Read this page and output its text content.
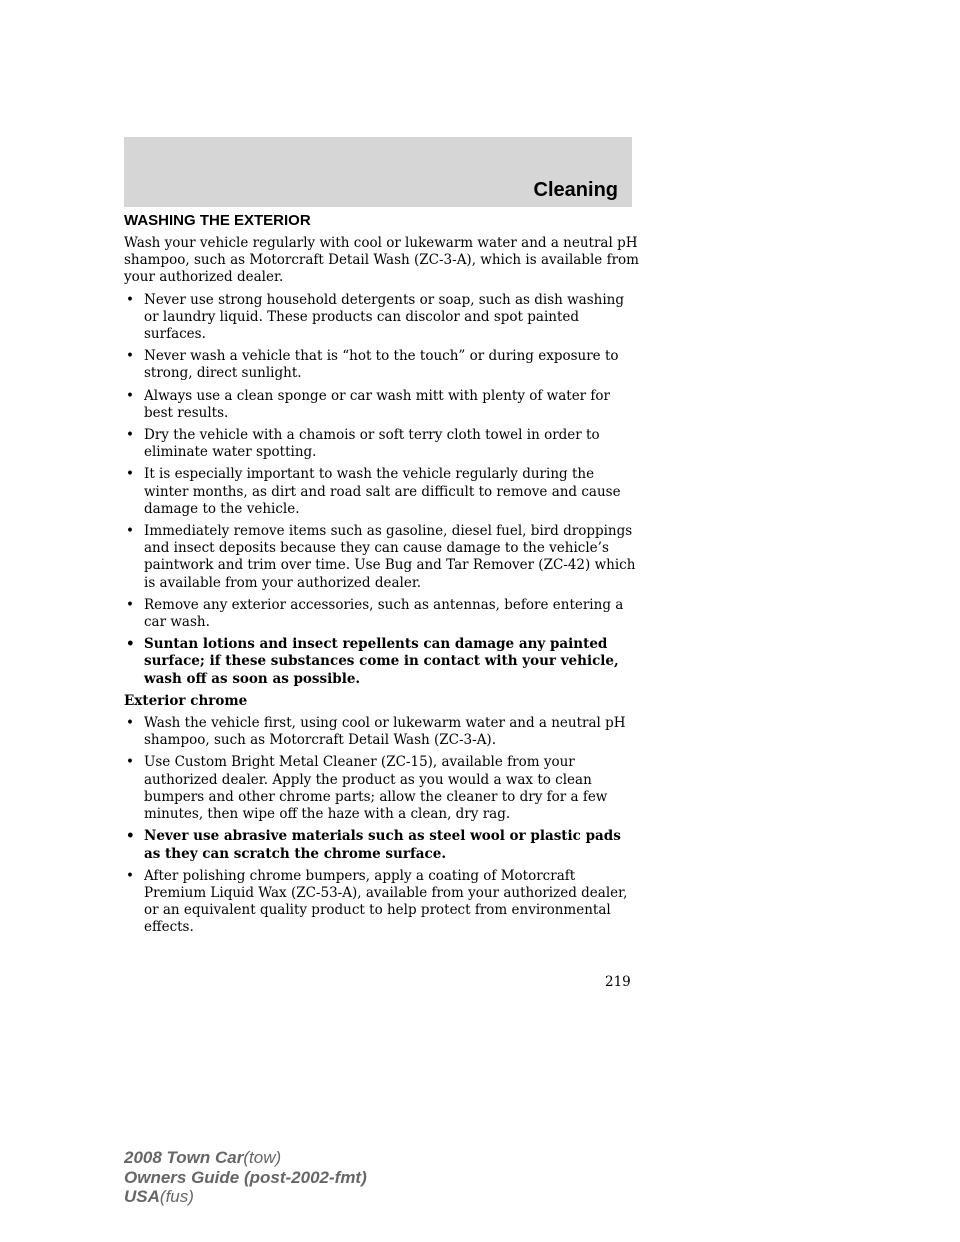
Cleaning
WASHING THE EXTERIOR

Wash your vehicle regularly with cool or lukewarm water and a neutral pH shampoo, such as Motorcraft Detail Wash (ZC-3-A), which is available from your authorized dealer.

• Never use strong household detergents or soap, such as dish washing or laundry liquid. These products can discolor and spot painted surfaces.
• Never wash a vehicle that is “hot to the touch” or during exposure to strong, direct sunlight.
• Always use a clean sponge or car wash mitt with plenty of water for best results.
• Dry the vehicle with a chamois or soft terry cloth towel in order to eliminate water spotting.
• It is especially important to wash the vehicle regularly during the winter months, as dirt and road salt are difficult to remove and cause damage to the vehicle.
• Immediately remove items such as gasoline, diesel fuel, bird droppings and insect deposits because they can cause damage to the vehicle’s paintwork and trim over time. Use Bug and Tar Remover (ZC-42) which is available from your authorized dealer.
• Remove any exterior accessories, such as antennas, before entering a car wash.
• Suntan lotions and insect repellents can damage any painted surface; if these substances come in contact with your vehicle, wash off as soon as possible.
Exterior chrome
• Wash the vehicle first, using cool or lukewarm water and a neutral pH shampoo, such as Motorcraft Detail Wash (ZC-3-A).
• Use Custom Bright Metal Cleaner (ZC-15), available from your authorized dealer. Apply the product as you would a wax to clean bumpers and other chrome parts; allow the cleaner to dry for a few minutes, then wipe off the haze with a clean, dry rag.
• Never use abrasive materials such as steel wool or plastic pads as they can scratch the chrome surface.
• After polishing chrome bumpers, apply a coating of Motorcraft Premium Liquid Wax (ZC-53-A), available from your authorized dealer, or an equivalent quality product to help protect from environmental effects.
219
2008 Town Car(tow)
Owners Guide (post-2002-fmt)
USA(fus)
